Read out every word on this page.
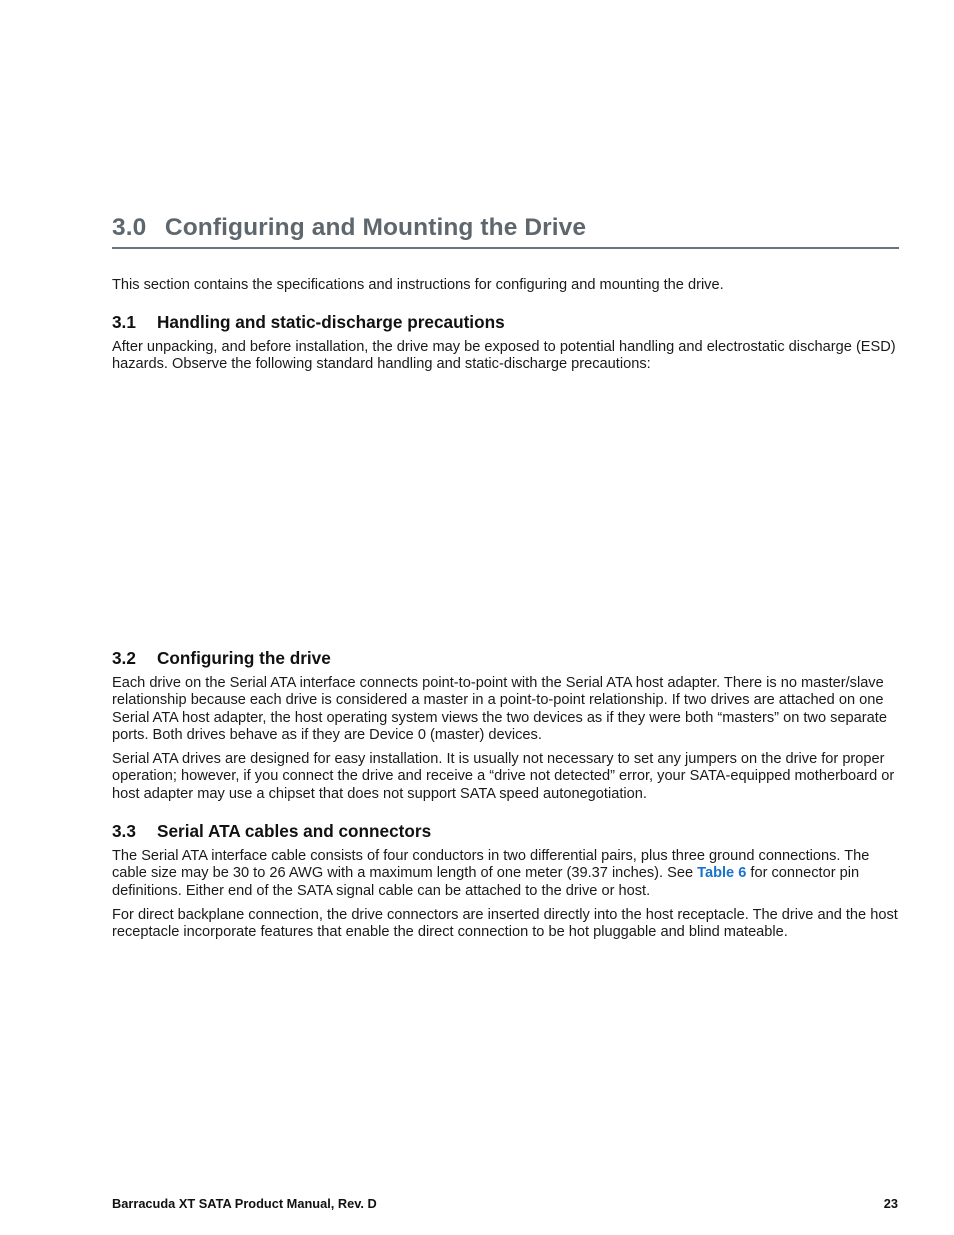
3.0 Configuring and Mounting the Drive

This section contains the specifications and instructions for configuring and mounting the drive.

3.1 Handling and static-discharge precautions

After unpacking, and before installation, the drive may be exposed to potential handling and electrostatic discharge (ESD) hazards. Observe the following standard handling and static-discharge precautions:

3.2 Configuring the drive

Each drive on the Serial ATA interface connects point-to-point with the Serial ATA host adapter. There is no master/slave relationship because each drive is considered a master in a point-to-point relationship. If two drives are attached on one Serial ATA host adapter, the host operating system views the two devices as if they were both “masters” on two separate ports. Both drives behave as if they are Device 0 (master) devices.

Serial ATA drives are designed for easy installation. It is usually not necessary to set any jumpers on the drive for proper operation; however, if you connect the drive and receive a “drive not detected” error, your SATA-equipped motherboard or host adapter may use a chipset that does not support SATA speed autonegotiation.

3.3 Serial ATA cables and connectors

The Serial ATA interface cable consists of four conductors in two differential pairs, plus three ground connections. The cable size may be 30 to 26 AWG with a maximum length of one meter (39.37 inches). See Table 6 for connector pin definitions. Either end of the SATA signal cable can be attached to the drive or host.

For direct backplane connection, the drive connectors are inserted directly into the host receptacle. The drive and the host receptacle incorporate features that enable the direct connection to be hot pluggable and blind mateable.

Barracuda XT SATA Product Manual, Rev. D	23
